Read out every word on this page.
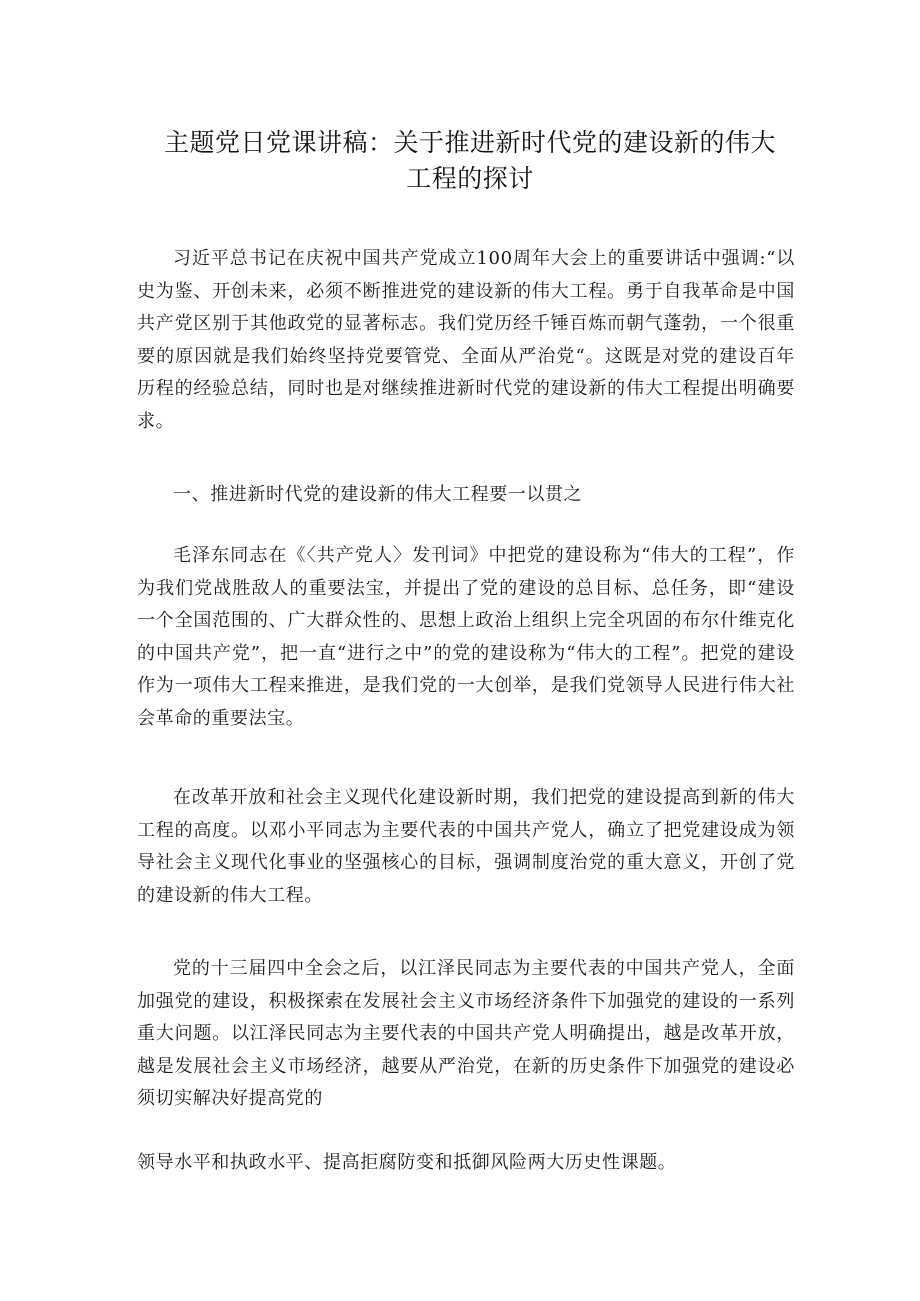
主题党日党课讲稿：关于推进新时代党的建设新的伟大
工程的探讨

习近平总书记在庆祝中国共产党成立100周年大会上的重要讲话中强调:“以史为鉴、开创未来，必须不断推进党的建设新的伟大工程。勇于自我革命是中国共产党区别于其他政党的显著标志。我们党历经千锤百炼而朝气蓬勃，一个很重要的原因就是我们始终坚持党要管党、全面从严治党“。这既是对党的建设百年历程的经验总结，同时也是对继续推进新时代党的建设新的伟大工程提出明确要求。

一、推进新时代党的建设新的伟大工程要一以贯之

毛泽东同志在《〈共产党人〉发刊词》中把党的建设称为“伟大的工程”，作为我们党战胜敌人的重要法宝，并提出了党的建设的总目标、总任务，即“建设一个全国范围的、广大群众性的、思想上政治上组织上完全巩固的布尔什维克化的中国共产党”，把一直“进行之中”的党的建设称为“伟大的工程”。把党的建设作为一项伟大工程来推进，是我们党的一大创举，是我们党领导人民进行伟大社会革命的重要法宝。

在改革开放和社会主义现代化建设新时期，我们把党的建设提高到新的伟大工程的高度。以邓小平同志为主要代表的中国共产党人，确立了把党建设成为领导社会主义现代化事业的坚强核心的目标，强调制度治党的重大意义，开创了党的建设新的伟大工程。

党的十三届四中全会之后，以江泽民同志为主要代表的中国共产党人，全面加强党的建设，积极探索在发展社会主义市场经济条件下加强党的建设的一系列重大问题。以江泽民同志为主要代表的中国共产党人明确提出，越是改革开放，越是发展社会主义市场经济，越要从严治党，在新的历史条件下加强党的建设必须切实解决好提高党的

领导水平和执政水平、提高拒腐防变和抵御风险两大历史性课题。
